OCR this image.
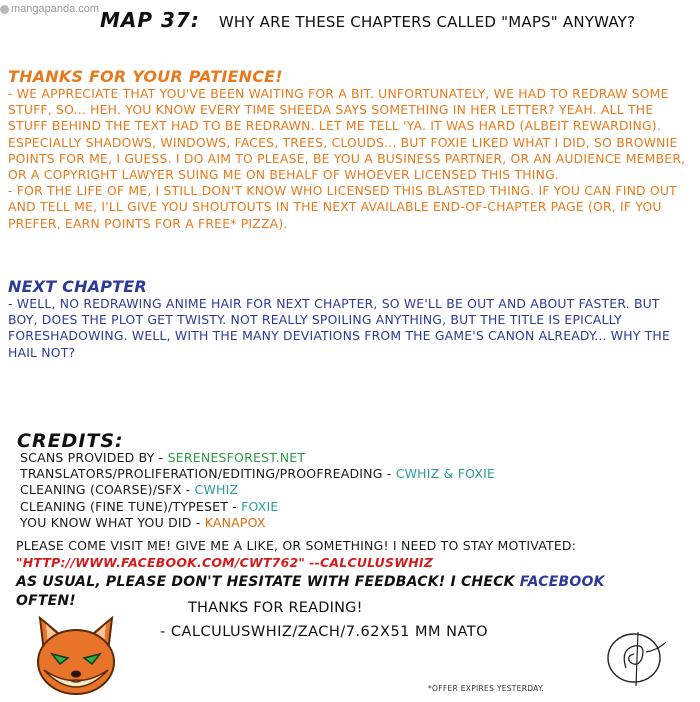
mangapanda.com MAP 37: WHY ARE THESE CHAPTERS CALLED "MAPS" ANYWAY?
THANKS FOR YOUR PATIENCE!
- WE APPRECIATE THAT YOU'VE BEEN WAITING FOR A BIT. UNFORTUNATELY, WE HAD TO REDRAW SOME STUFF, SO... HEH. YOU KNOW EVERY TIME SHEEDA SAYS SOMETHING IN HER LETTER? YEAH. ALL THE STUFF BEHIND THE TEXT HAD TO BE REDRAWN. LET ME TELL 'YA. IT WAS HARD (ALBEIT REWARDING). ESPECIALLY SHADOWS, WINDOWS, FACES, TREES, CLOUDS... BUT FOXIE LIKED WHAT I DID, SO BROWNIE POINTS FOR ME, I GUESS. I DO AIM TO PLEASE, BE YOU A BUSINESS PARTNER, OR AN AUDIENCE MEMBER, OR A COPYRIGHT LAWYER SUING ME ON BEHALF OF WHOEVER LICENSED THIS THING.
- FOR THE LIFE OF ME, I STILL DON'T KNOW WHO LICENSED THIS BLASTED THING. IF YOU CAN FIND OUT AND TELL ME, I'LL GIVE YOU SHOUTOUTS IN THE NEXT AVAILABLE END-OF-CHAPTER PAGE (OR, IF YOU PREFER, EARN POINTS FOR A FREE* PIZZA).
NEXT CHAPTER
- WELL, NO REDRAWING ANIME HAIR FOR NEXT CHAPTER, SO WE'LL BE OUT AND ABOUT FASTER. BUT BOY, DOES THE PLOT GET TWISTY. NOT REALLY SPOILING ANYTHING, BUT THE TITLE IS EPICALLY FORESHADOWING. WELL, WITH THE MANY DEVIATIONS FROM THE GAME'S CANON ALREADY... WHY THE HAIL NOT?
CREDITS:
SCANS PROVIDED BY - SERENESFOREST.NET
TRANSLATORS/PROLIFERATION/EDITING/PROOFREADING - CWHIZ & FOXIE
CLEANING (COARSE)/SFX - CWHIZ
CLEANING (FINE TUNE)/TYPESET - FOXIE
YOU KNOW WHAT YOU DID - KANAPOX
PLEASE COME VISIT ME! GIVE ME A LIKE, OR SOMETHING! I NEED TO STAY MOTIVATED:
"HTTP://WWW.FACEBOOK.COM/CWT762" --CALCULUSWHIZ
AS USUAL, PLEASE DON'T HESITATE WITH FEEDBACK! I CHECK FACEBOOK
OFTEN!	THANKS FOR READING!
- CALCULUSWHIZ/ZACH/7.62X51 MM NATO
*OFFER EXPIRES YESTERDAY.
